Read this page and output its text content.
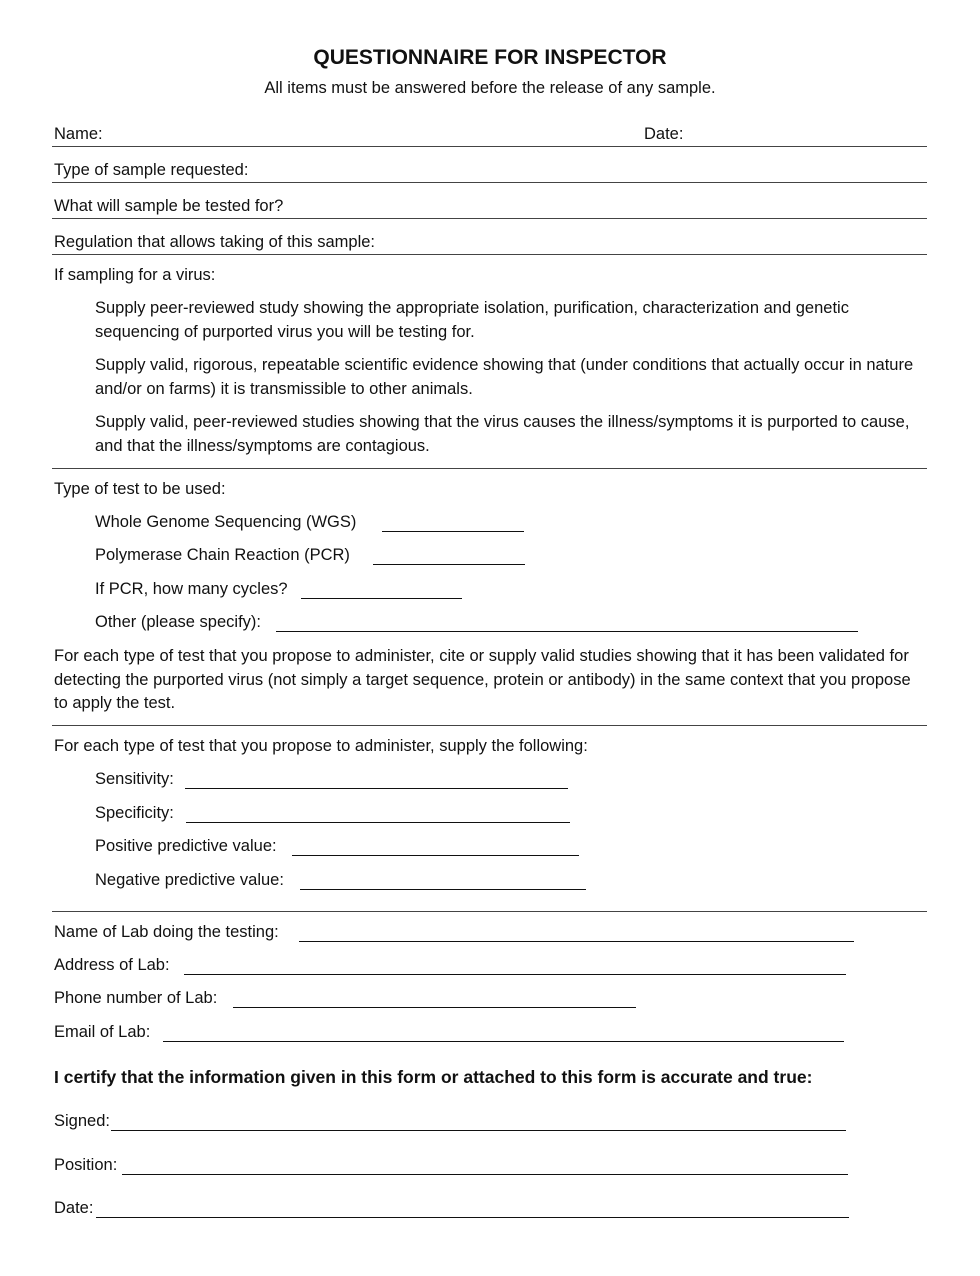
QUESTIONNAIRE FOR INSPECTOR
All items must be answered before the release of any sample.
Name:	Date:
Type of sample requested:
What will sample be tested for?
Regulation that allows taking of this sample:
If sampling for a virus:
Supply peer-reviewed study showing the appropriate isolation, purification, characterization and genetic sequencing of purported virus you will be testing for.
Supply valid, rigorous, repeatable scientific evidence showing that (under conditions that actually occur in nature and/or on farms) it is transmissible to other animals.
Supply valid, peer-reviewed studies showing that the virus causes the illness/symptoms it is purported to cause, and that the illness/symptoms are contagious.
Type of test to be used:
Whole Genome Sequencing (WGS)
Polymerase Chain Reaction (PCR)
If PCR, how many cycles?
Other (please specify):
For each type of test that you propose to administer, cite or supply valid studies showing that it has been validated for detecting the purported virus (not simply a target sequence, protein or antibody) in the same context that you propose to apply the test.
For each type of test that you propose to administer, supply the following:
Sensitivity:
Specificity:
Positive predictive value:
Negative predictive value:
Name of Lab doing the testing:
Address of Lab:
Phone number of Lab:
Email of Lab:
I certify that the information given in this form or attached to this form is accurate and true:
Signed:
Position:
Date:
